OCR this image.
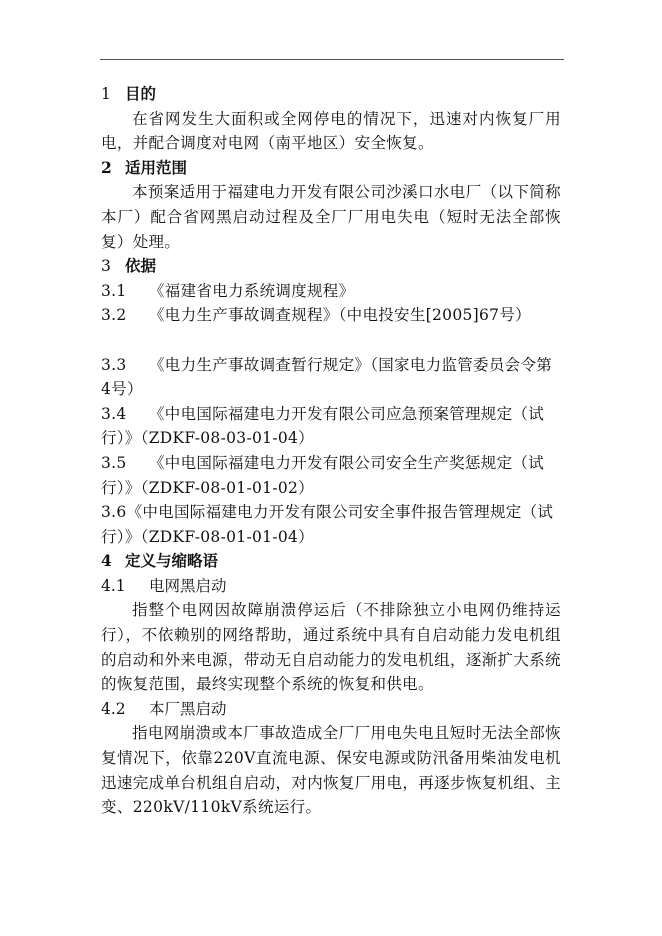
1 目的
在省网发生大面积或全网停电的情况下，迅速对内恢复厂用电，并配合调度对电网（南平地区）安全恢复。
2 适用范围
本预案适用于福建电力开发有限公司沙溪口水电厂（以下简称本厂）配合省网黑启动过程及全厂厂用电失电（短时无法全部恢复）处理。
3 依据
3.1 《福建省电力系统调度规程》
3.2 《电力生产事故调查规程》（中电投安生[2005]67号）
3.3 《电力生产事故调查暂行规定》（国家电力监管委员会令第4号）
3.4 《中电国际福建电力开发有限公司应急预案管理规定（试行）》（ZDKF-08-03-01-04）
3.5 《中电国际福建电力开发有限公司安全生产奖惩规定（试行）》（ZDKF-08-01-01-02）
3.6《中电国际福建电力开发有限公司安全事件报告管理规定（试行）》（ZDKF-08-01-01-04）
4 定义与缩略语
4.1 电网黑启动
指整个电网因故障崩溃停运后（不排除独立小电网仍维持运行），不依赖别的网络帮助，通过系统中具有自启动能力发电机组的启动和外来电源，带动无自启动能力的发电机组，逐渐扩大系统的恢复范围，最终实现整个系统的恢复和供电。
4.2 本厂黑启动
指电网崩溃或本厂事故造成全厂厂用电失电且短时无法全部恢复情况下，依靠220V直流电源、保安电源或防汛备用柴油发电机迅速完成单台机组自启动，对内恢复厂用电，再逐步恢复机组、主变、220kV/110kV系统运行。
